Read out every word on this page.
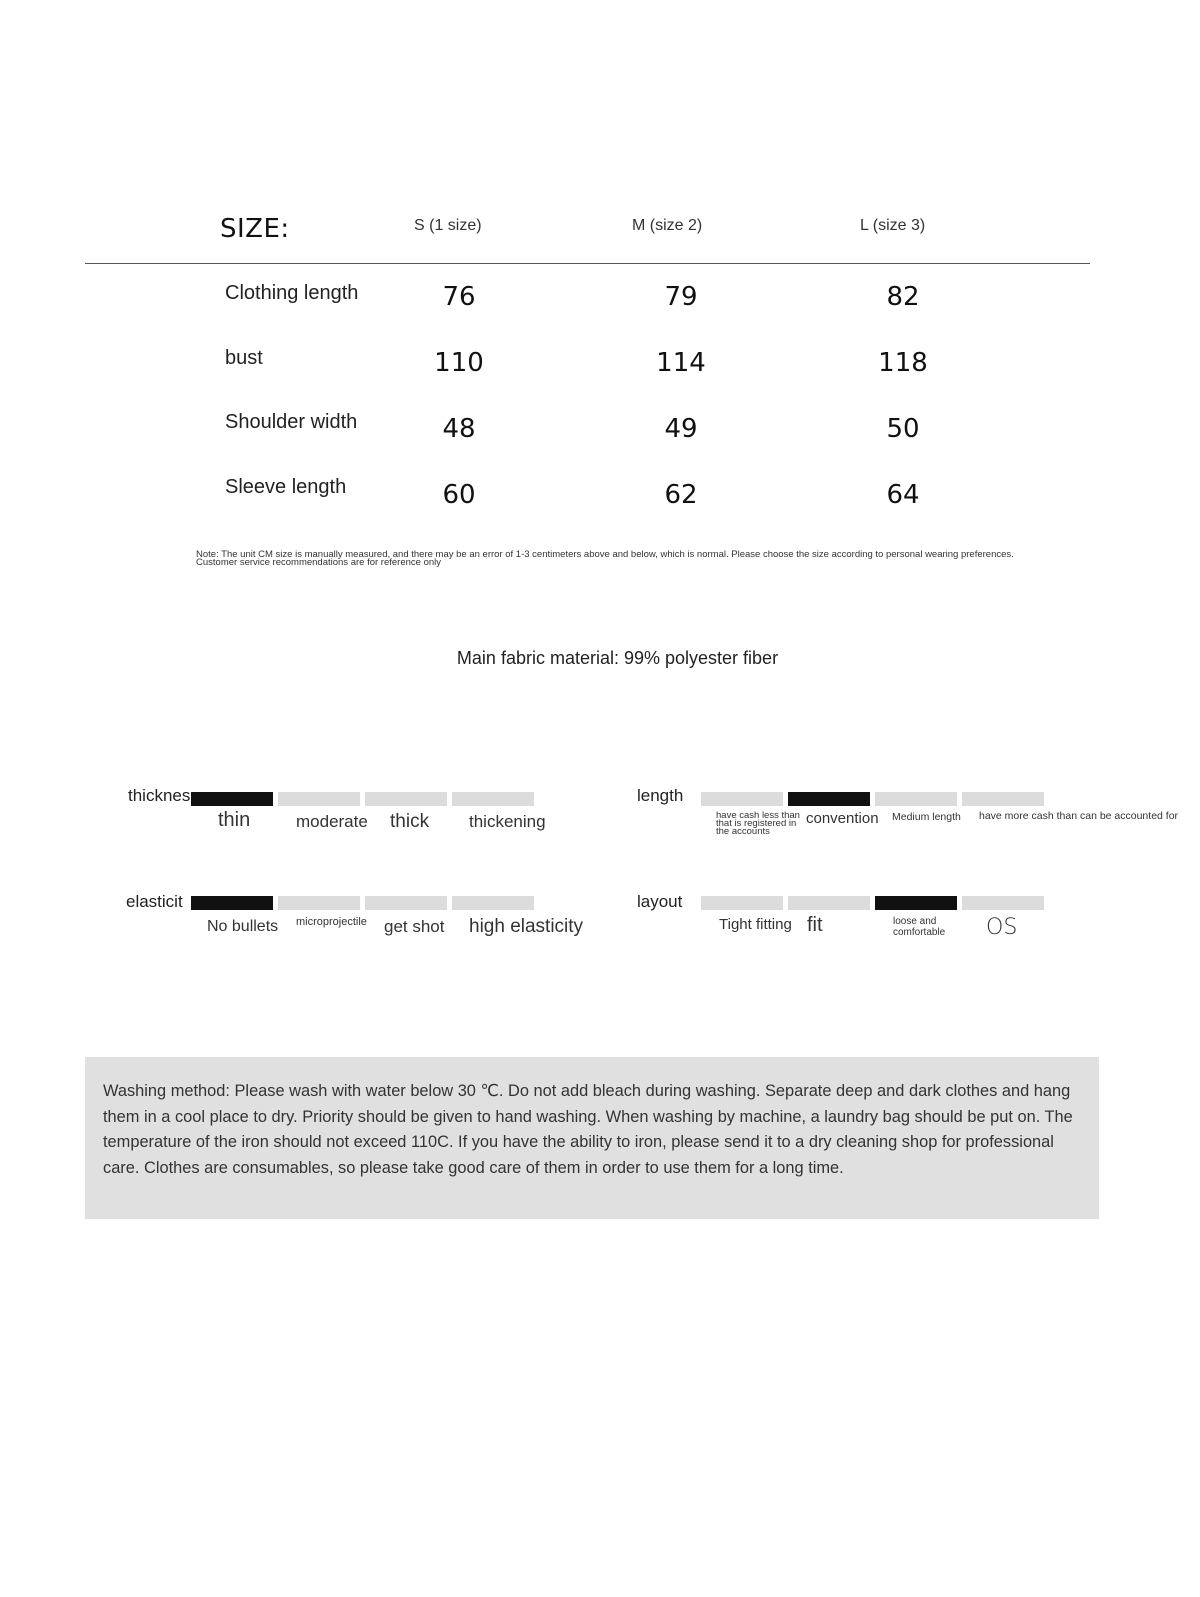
SIZE:	S (1 size)	M (size 2)	L (size 3)
Clothing length	76	79	82
bust	110	114	118
Shoulder width	48	49	50
Sleeve length	60	62	64
Note: The unit CM size is manually measured, and there may be an error of 1-3 centimeters above and below, which is normal. Please choose the size according to personal wearing preferences.
Customer service recommendations are for reference only
Main fabric material: 99% polyester fiber
thicknes
thin	moderate thick thickening
length
have cash less than that is registered in the accounts
convention Medium length have more cash than can be accounted for
elasticit
No bullets microprojectile get shot high elasticity
layout
Tight fitting fit	loose and comfortable	OS
Washing method: Please wash with water below 30 ℃. Do not add bleach during washing. Separate deep and dark clothes and hang them in a cool place to dry. Priority should be given to hand washing. When washing by machine, a laundry bag should be put on. The temperature of the iron should not exceed 110C. If you have the ability to iron, please send it to a dry cleaning shop for professional care. Clothes are consumables, so please take good care of them in order to use them for a long time.
